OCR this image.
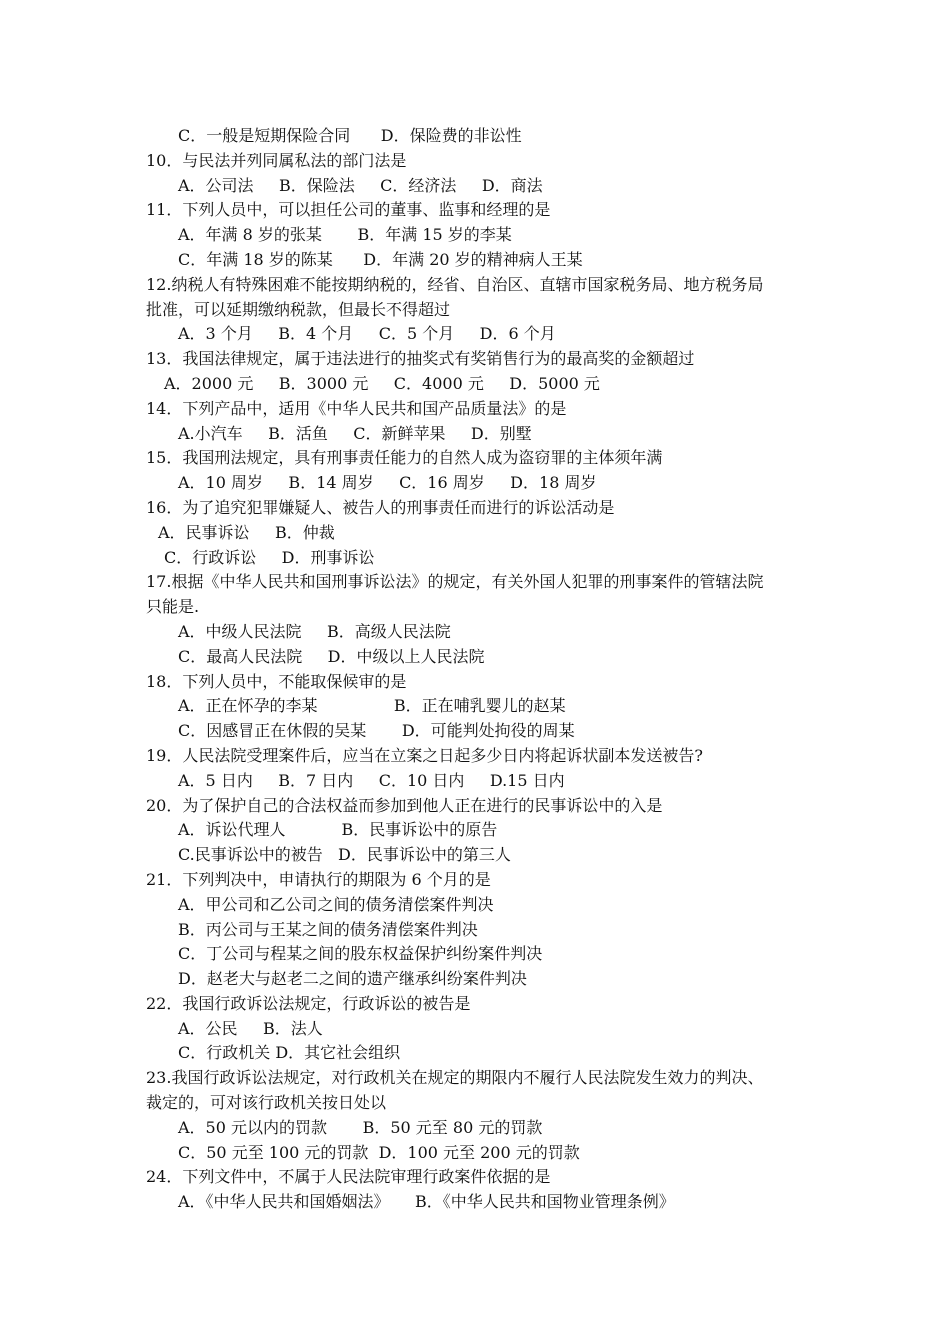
C．一般是短期保险合同      D．保险费的非讼性
10．与民法并列同属私法的部门法是
A．公司法     B．保险法     C．经济法     D．商法
11．下列人员中，可以担任公司的董事、监事和经理的是
A．年满 8 岁的张某       B．年满 15 岁的李某
C．年满 18 岁的陈某      D．年满 20 岁的精神病人王某
12.纳税人有特殊困难不能按期纳税的，经省、自治区、直辖市国家税务局、地方税务局
批准，可以延期缴纳税款，但最长不得超过
A．3 个月     B．4 个月     C．5 个月     D．6 个月
13．我国法律规定，属于违法进行的抽奖式有奖销售行为的最高奖的金额超过
A．2000 元     B．3000 元     C．4000 元     D．5000 元
14．下列产品中，适用《中华人民共和国产品质量法》的是
A.小汽车     B．活鱼     C．新鲜苹果     D．别墅
15．我国刑法规定，具有刑事责任能力的自然人成为盗窃罪的主体须年满
A．10 周岁     B．14 周岁     C．16 周岁     D．18 周岁
16．为了追究犯罪嫌疑人、被告人的刑事责任而进行的诉讼活动是
A．民事诉讼     B．仲裁
C．行政诉讼     D．刑事诉讼
17.根据《中华人民共和国刑事诉讼法》的规定，有关外国人犯罪的刑事案件的管辖法院
只能是.
A．中级人民法院     B．高级人民法院
C．最高人民法院     D．中级以上人民法院
18．下列人员中，不能取保候审的是
A．正在怀孕的李某               B．正在哺乳婴儿的赵某
C．因感冒正在休假的吴某       D．可能判处拘役的周某
19．人民法院受理案件后，应当在立案之日起多少日内将起诉状副本发送被告?
A．5 日内     B．7 日内     C．10 日内     D.15 日内
20．为了保护自己的合法权益而参加到他人正在进行的民事诉讼中的入是
A．诉讼代理人           B．民事诉讼中的原告
C.民事诉讼中的被告   D．民事诉讼中的第三人
21．下列判决中，申请执行的期限为 6 个月的是
A．甲公司和乙公司之间的债务清偿案件判决
B．丙公司与王某之间的债务清偿案件判决
C．丁公司与程某之间的股东权益保护纠纷案件判决
D．赵老大与赵老二之间的遗产继承纠纷案件判决
22．我国行政诉讼法规定，行政诉讼的被告是
A．公民     B．法人
C．行政机关 D．其它社会组织
23.我国行政诉讼法规定，对行政机关在规定的期限内不履行人民法院发生效力的判决、
裁定的，可对该行政机关按日处以
A．50 元以内的罚款       B．50 元至 80 元的罚款
C．50 元至 100 元的罚款  D．100 元至 200 元的罚款
24．下列文件中，不属于人民法院审理行政案件依据的是
A．《中华人民共和国婚姻法》     B．《中华人民共和国物业管理条例》
